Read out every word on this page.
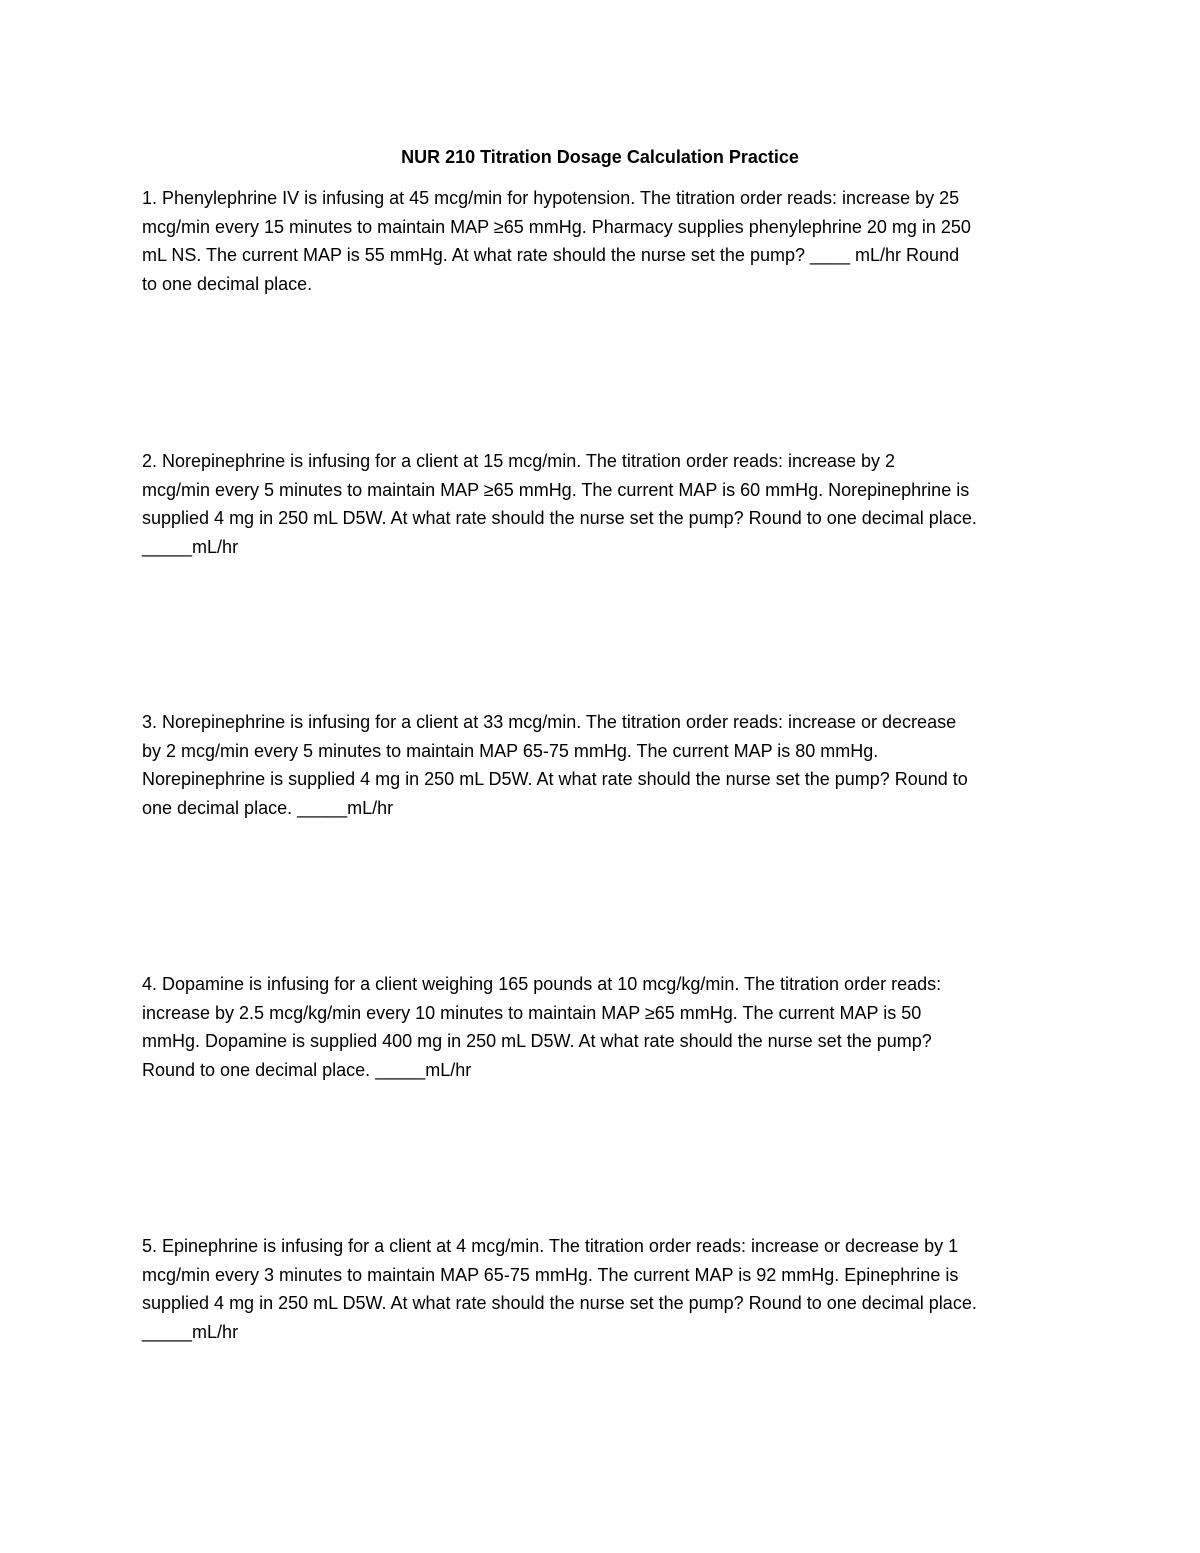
NUR 210 Titration Dosage Calculation Practice
1. Phenylephrine IV is infusing at 45 mcg/min for hypotension. The titration order reads: increase by 25
mcg/min every 15 minutes to maintain MAP ≥65 mmHg. Pharmacy supplies phenylephrine 20 mg in 250
mL NS. The current MAP is 55 mmHg. At what rate should the nurse set the pump? ____ mL/hr Round
to one decimal place.
2. Norepinephrine is infusing for a client at 15 mcg/min. The titration order reads: increase by 2
mcg/min every 5 minutes to maintain MAP ≥65 mmHg. The current MAP is 60 mmHg. Norepinephrine is
supplied 4 mg in 250 mL D5W. At what rate should the nurse set the pump? Round to one decimal place.
_____mL/hr
3. Norepinephrine is infusing for a client at 33 mcg/min. The titration order reads: increase or decrease
by 2 mcg/min every 5 minutes to maintain MAP 65-75 mmHg. The current MAP is 80 mmHg.
Norepinephrine is supplied 4 mg in 250 mL D5W. At what rate should the nurse set the pump? Round to
one decimal place. _____mL/hr
4. Dopamine is infusing for a client weighing 165 pounds at 10 mcg/kg/min. The titration order reads:
increase by 2.5 mcg/kg/min every 10 minutes to maintain MAP ≥65 mmHg. The current MAP is 50
mmHg. Dopamine is supplied 400 mg in 250 mL D5W. At what rate should the nurse set the pump?
Round to one decimal place. _____mL/hr
5. Epinephrine is infusing for a client at 4 mcg/min. The titration order reads: increase or decrease by 1
mcg/min every 3 minutes to maintain MAP 65-75 mmHg. The current MAP is 92 mmHg. Epinephrine is
supplied 4 mg in 250 mL D5W. At what rate should the nurse set the pump? Round to one decimal place.
_____mL/hr
